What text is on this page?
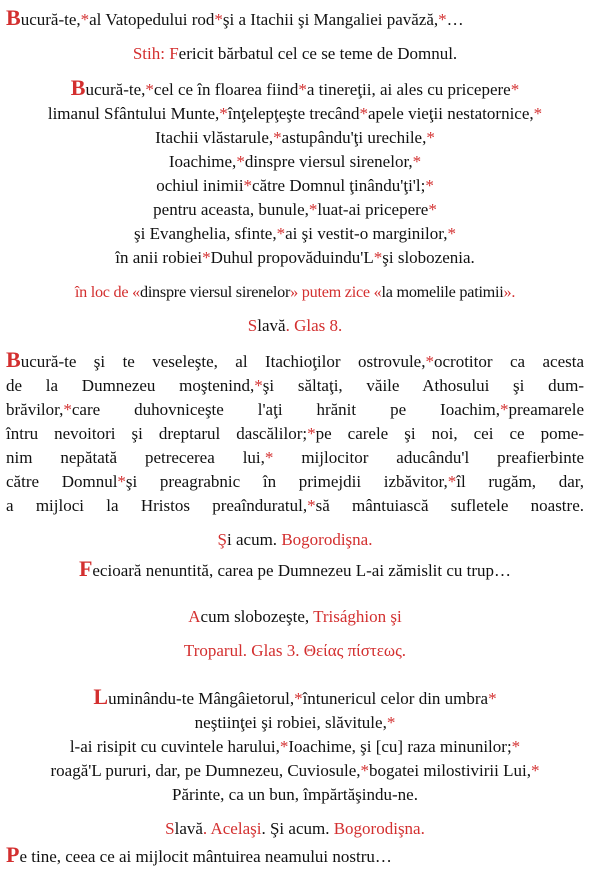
Bucură-te,*al Vatopedului rod*şi a Itachii şi Mangaliei pavăză,*…

Stih: Fericit bărbatul cel ce se teme de Domnul.

Bucură-te,*cel ce în floarea fiind*a tinereţii, ai ales cu pricepere*
limanul Sfântului Munte,*înţelepţeşte trecând*apele vieţii nestatornice,*
Itachii vlăstarule,*astupându'ţi urechile,*
Ioachime,*dinspre viersul sirenelor,*
ochiul inimii*către Domnul ţinându'ţi'l;*
pentru aceasta, bunule,*luat-ai pricepere*
şi Evanghelia, sfinte,*ai şi vestit-o marginilor,*
în anii robiei*Duhul propovăduindu'L*şi slobozenia.

în loc de «dinspre viersul sirenelor» putem zice «la momelile patimii».

Slavă. Glas 8.

Bucură-te şi te veseleşte, al Itachioţilor ostrovule,*ocrotitor ca acesta
de la Dumnezeu moştenind,*şi săltaţi, văile Athosului şi dum-
brăvilor,*care duhovniceşte l'aţi hrănit pe Ioachim,*preamarele
întru nevoitori şi dreptarul dascălilor;*pe carele şi noi, cei ce pome-
nim nepătată petrecerea lui,* mijlocitor aducându'l preafierbinte
către Domnul*şi preagrabnic în primejdii izbăvitor,*îl rugăm, dar,
a mijloci la Hristos preaînduratul,*să mântuiască sufletele noastre.

Şi acum. Bogorodişna.

Fecioară nenuntită, carea pe Dumnezeu L-ai zămislit cu trup…

Acum slobozeşte, Trisághion şi

Troparul. Glas 3. Θείας πίστεως.

Luminându-te Mângâietorul,*întunericul celor din umbra*
neştiinţei şi robiei, slăvitule,*
l-ai risipit cu cuvintele harului,*Ioachime, şi [cu] raza minunilor;*
roagă'L pururi, dar, pe Dumnezeu, Cuviosule,*bogatei milostivirii Lui,*
Părinte, ca un bun, împărtăşindu-ne.

Slavă. Acelaşi. Şi acum. Bogorodişna.

Pe tine, ceea ce ai mijlocit mântuirea neamului nostru…
